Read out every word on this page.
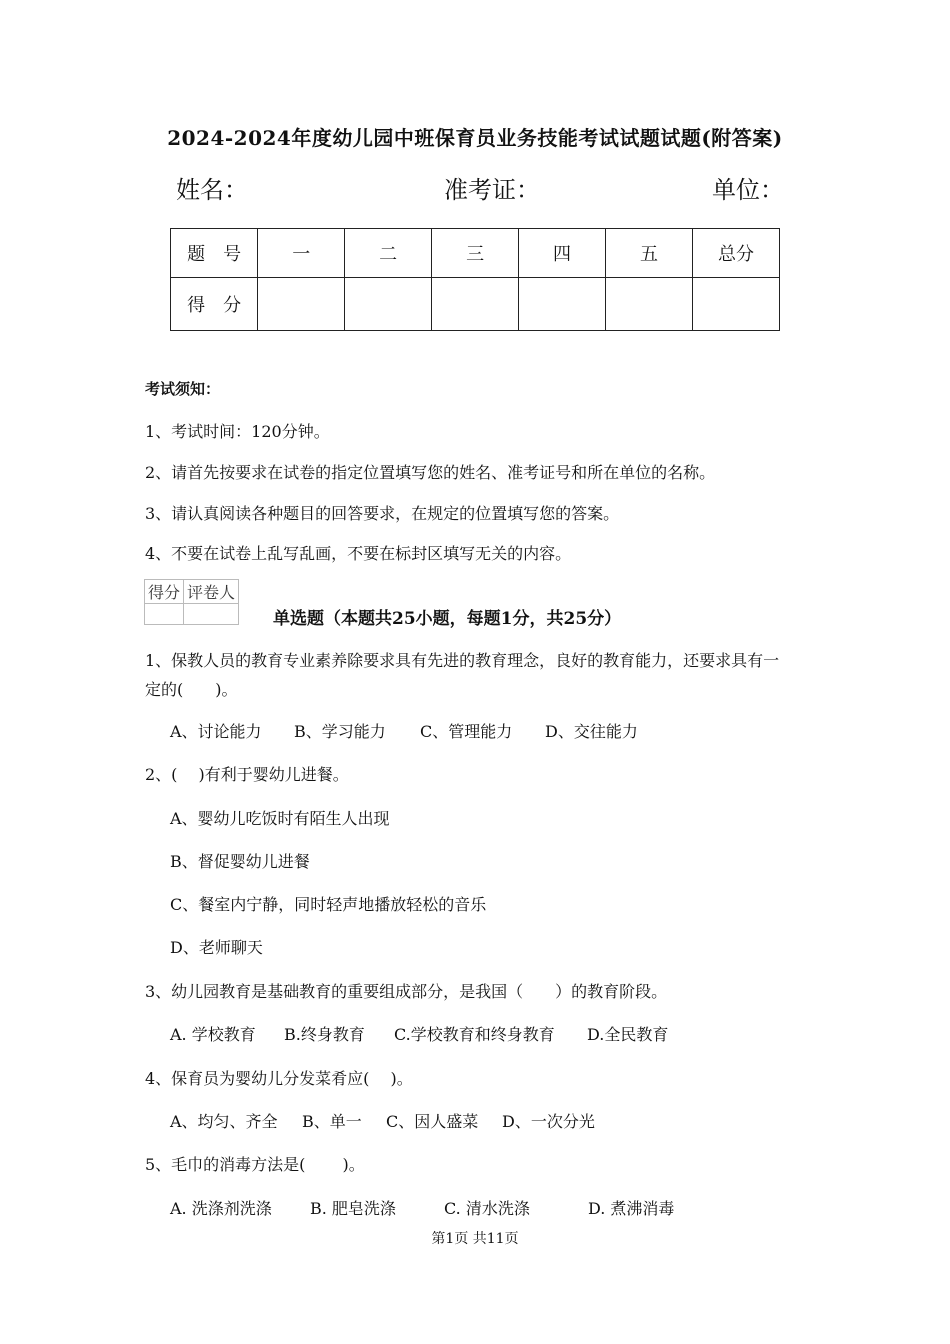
2024-2024年度幼儿园中班保育员业务技能考试试题试题(附答案)
姓名：	准考证：	单位：
题　号	一	二	三	四	五	总分
得　分						
考试须知：
1、考试时间：120分钟。
2、请首先按要求在试卷的指定位置填写您的姓名、准考证号和所在单位的名称。
3、请认真阅读各种题目的回答要求，在规定的位置填写您的答案。
4、不要在试卷上乱写乱画，不要在标封区填写无关的内容。
得分	评卷人

单选题（本题共25小题，每题1分，共25分）
1、保教人员的教育专业素养除要求具有先进的教育理念，良好的教育能力，还要求具有一
定的(　　)。
A、讨论能力 B、学习能力 C、管理能力 D、交往能力
2、(　 )有利于婴幼儿进餐。
A、婴幼儿吃饭时有陌生人出现
B、督促婴幼儿进餐
C、餐室内宁静，同时轻声地播放轻松的音乐
D、老师聊天
3、幼儿园教育是基础教育的重要组成部分，是我国（　　）的教育阶段。
A. 学校教育 B.终身教育 C.学校教育和终身教育 D.全民教育
4、保育员为婴幼儿分发菜肴应(　 )。
A、均匀、齐全 B、单一 C、因人盛菜 D、一次分光
5、毛巾的消毒方法是(　　 )。
A. 洗涤剂洗涤 B. 肥皂洗涤	C. 清水洗涤	D. 煮沸消毒
第1页 共11页
